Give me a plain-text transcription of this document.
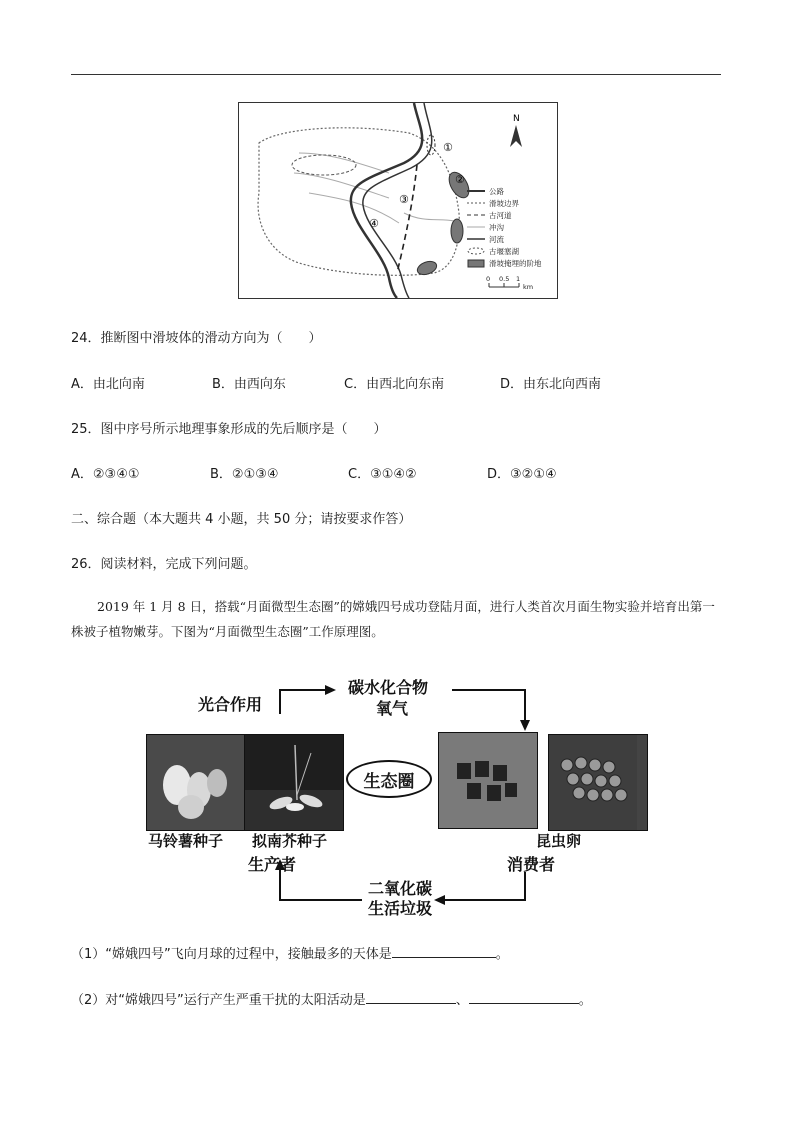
N
①
②
③
④
公路
滑坡边界
古河道
冲沟
河流
古堰塞湖
滑坡掩埋的阶地
0 0.5 1
km
24．推断图中滑坡体的滑动方向为（　　）
A．由北向南	B．由西向东	C．由西北向东南	D．由东北向西南
25．图中序号所示地理事象形成的先后顺序是（　　）
A．②③④①	B．②①③④	C．③①④②	D．③②①④
二、综合题（本大题共 4 小题，共 50 分；请按要求作答）
26．阅读材料，完成下列问题。

2019 年 1 月 8 日，搭载“月面微型生态圈”的嫦娥四号成功登陆月面，进行人类首次月面生物实验并培育出第一株被子植物嫩芽。下图为“月面微型生态圈”工作原理图。

光合作用
碳水化合物
氧气
生态圈
马铃薯种子 拟南芥种子	昆虫卵
生产者	消费者
二氧化碳
生活垃圾
（1）“嫦娥四号”飞向月球的过程中，接触最多的天体是	。
（2）对“嫦娥四号”运行产生严重干扰的太阳活动是	、	。
